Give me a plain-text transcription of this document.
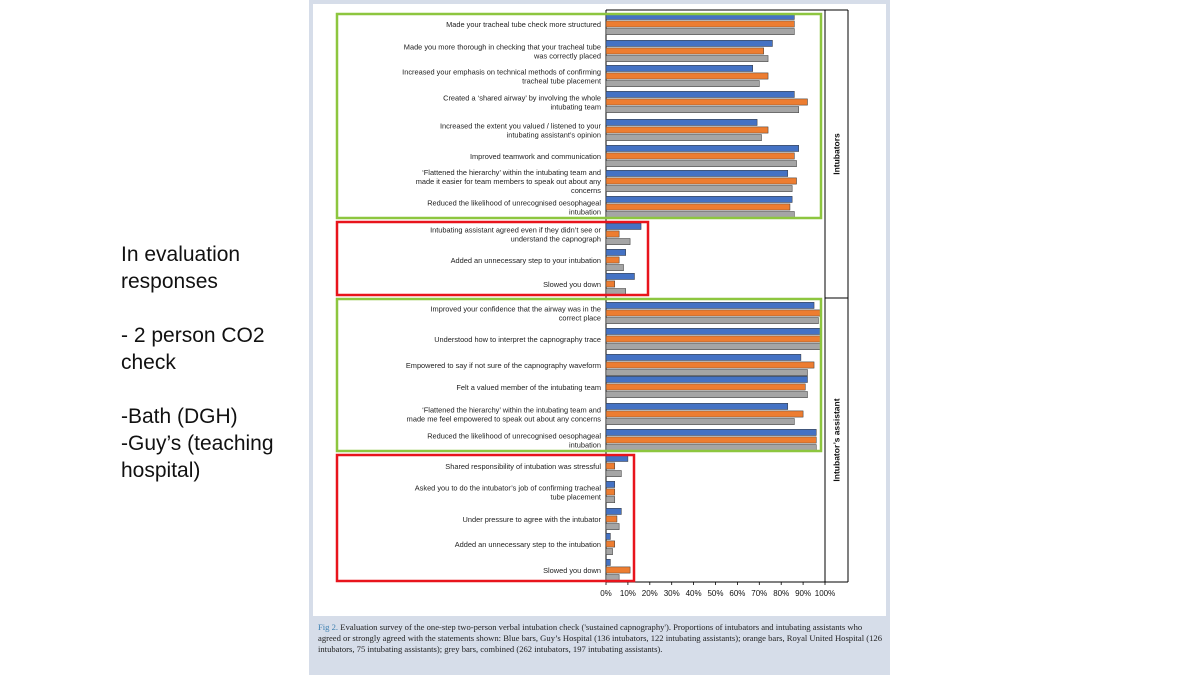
In evaluation

responses

- 2 person CO2

check

-Bath (DGH)

-Guy’s (teaching

hospital)

0% 10% 20% 30% 40% 50% 60% 70% 80% 90% 100%
Intubators
Intubator’s assistant
Made your tracheal tube check more structured
Made you more thorough in checking that your tracheal tube was correctly placed
Increased your emphasis on technical methods of confirming tracheal tube placement
Created a ‘shared airway’ by involving the whole intubating team
Increased the extent you valued / listened to your intubating assistant’s opinion
Improved teamwork and communication
‘Flattened the hierarchy’ within the intubating team and made it easier for team members to speak out about any concerns
Reduced the likelihood of unrecognised oesophageal intubation
Intubating assistant agreed even if they didn’t see or understand the capnograph
Added an unnecessary step to your intubation
Slowed you down
Improved your confidence that the airway was in the correct place
Understood how to interpret the capnography trace
Empowered to say if not sure of the capnography waveform
Felt a valued member of the intubating team
‘Flattened the hierarchy’ within the intubating team and made me feel empowered to speak out about any concerns
Reduced the likelihood of unrecognised oesophageal intubation
Shared responsibility of intubation was stressful
Asked you to do the intubator’s job of confirming tracheal tube placement
Under pressure to agree with the intubator
Added an unnecessary step to the intubation
Slowed you down
Fig 2. Evaluation survey of the one-step two-person verbal intubation check ('sustained capnography'). Proportions of intubators and intubating assistants who agreed or strongly agreed with the statements shown: Blue bars, Guy’s Hospital (136 intubators, 122 intubating assistants); orange bars, Royal United Hospital (126 intubators, 75 intubating assistants); grey bars, combined (262 intubators, 197 intubating assistants).
